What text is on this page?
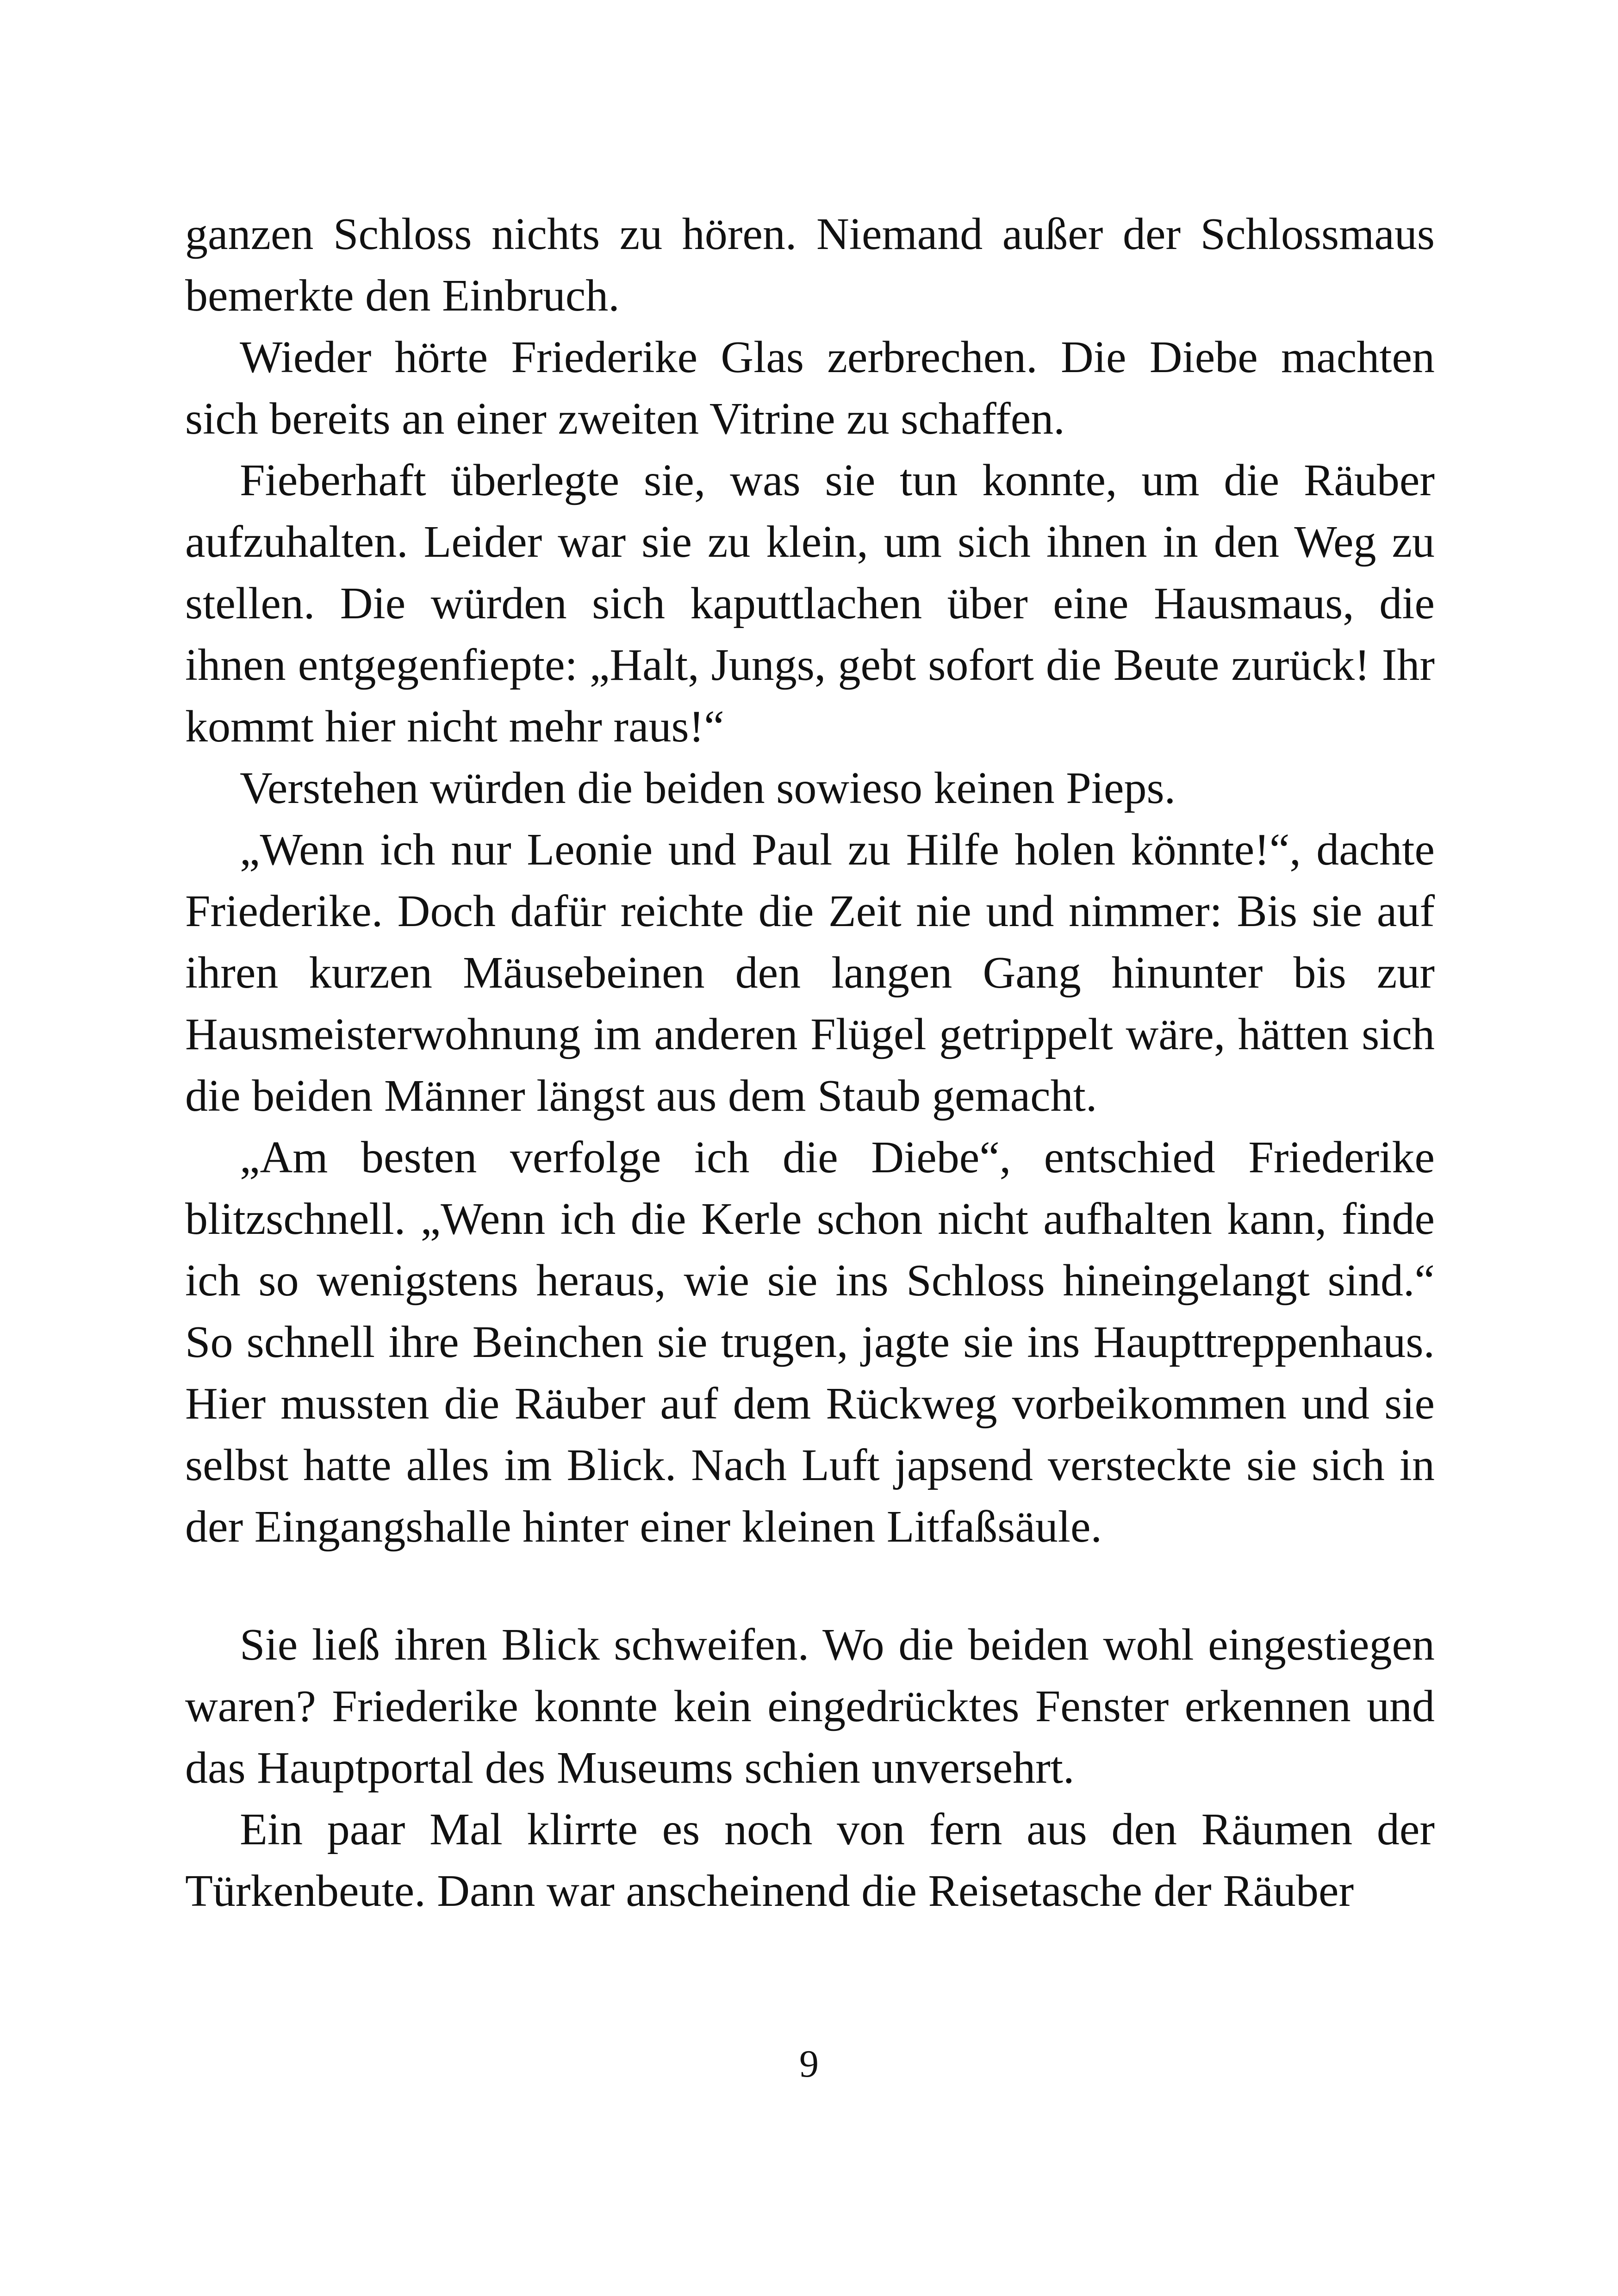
ganzen Schloss nichts zu hören. Niemand außer der Schlossmaus bemerkte den Einbruch.

Wieder hörte Friederike Glas zerbrechen. Die Diebe machten sich bereits an einer zweiten Vitrine zu schaffen.

Fieberhaft überlegte sie, was sie tun konnte, um die Räuber aufzuhalten. Leider war sie zu klein, um sich ihnen in den Weg zu stellen. Die würden sich kaputtlachen über eine Hausmaus, die ihnen entgegenfiepte: „Halt, Jungs, gebt sofort die Beute zurück! Ihr kommt hier nicht mehr raus!“

Verstehen würden die beiden sowieso keinen Pieps.

„Wenn ich nur Leonie und Paul zu Hilfe holen könnte!“, dachte Friederike. Doch dafür reichte die Zeit nie und nimmer: Bis sie auf ihren kurzen Mäusebeinen den langen Gang hinunter bis zur Hausmeisterwohnung im anderen Flügel getrippelt wäre, hätten sich die beiden Männer längst aus dem Staub gemacht.

„Am besten verfolge ich die Diebe“, entschied Friederike blitzschnell. „Wenn ich die Kerle schon nicht aufhalten kann, finde ich so wenigstens heraus, wie sie ins Schloss hineingelangt sind.“ So schnell ihre Beinchen sie trugen, jagte sie ins Haupttreppenhaus. Hier mussten die Räuber auf dem Rückweg vorbeikommen und sie selbst hatte alles im Blick. Nach Luft japsend versteckte sie sich in der Eingangshalle hinter einer kleinen Litfaßsäule.

Sie ließ ihren Blick schweifen. Wo die beiden wohl eingestiegen waren? Friederike konnte kein eingedrücktes Fenster erkennen und das Hauptportal des Museums schien unversehrt.

Ein paar Mal klirrte es noch von fern aus den Räumen der Türkenbeute. Dann war anscheinend die Reisetasche der Räuber

9
